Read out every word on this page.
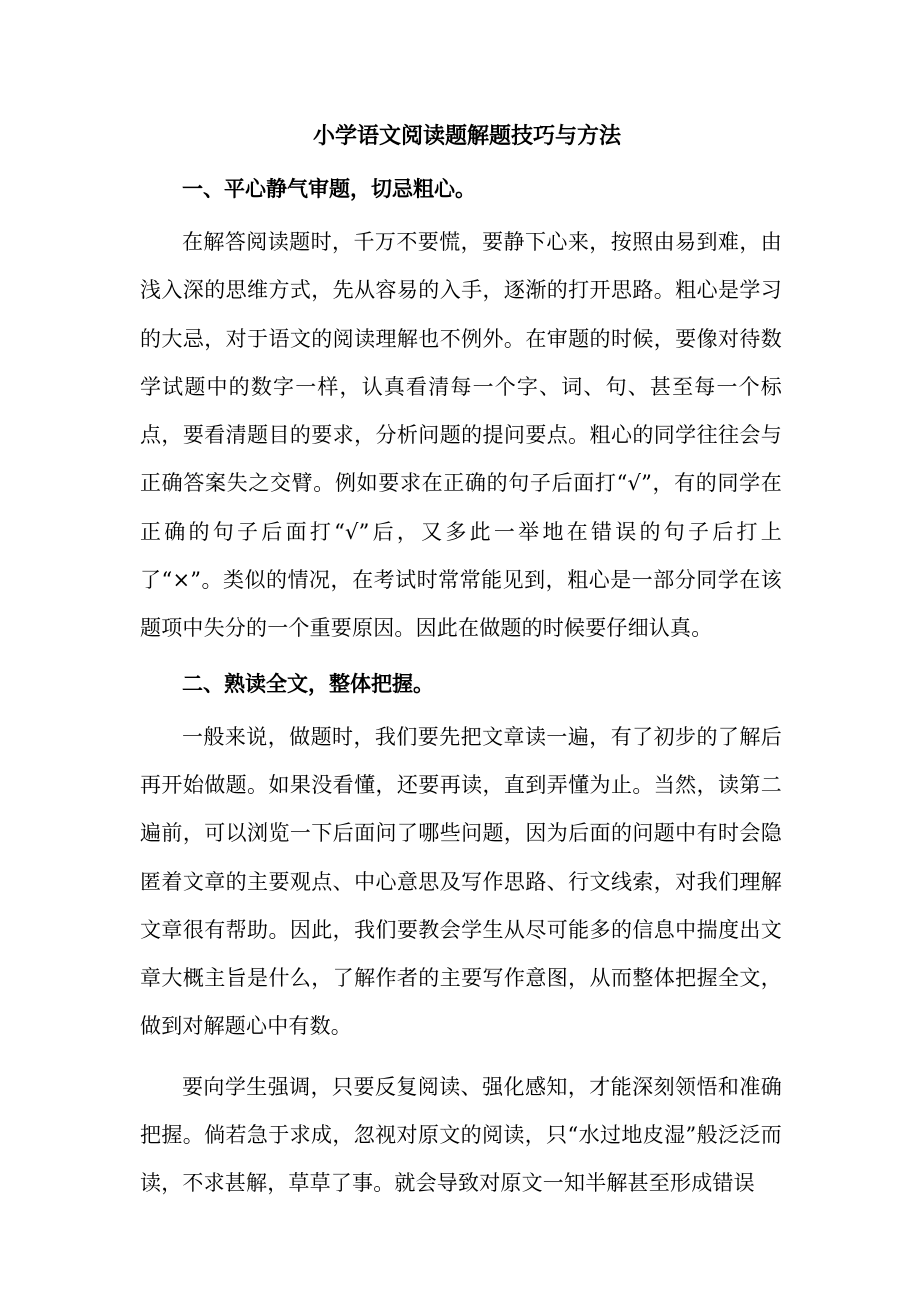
小学语文阅读题解题技巧与方法
一、平心静气审题，切忌粗心。

在解答阅读题时，千万不要慌，要静下心来，按照由易到难，由浅入深的思维方式，先从容易的入手，逐渐的打开思路。粗心是学习的大忌，对于语文的阅读理解也不例外。在审题的时候，要像对待数学试题中的数字一样，认真看清每一个字、词、句、甚至每一个标点，要看清题目的要求，分析问题的提问要点。粗心的同学往往会与正确答案失之交臂。例如要求在正确的句子后面打“√”，有的同学在正确的句子后面打“√”后，又多此一举地在错误的句子后打上了“×”。类似的情况，在考试时常常能见到，粗心是一部分同学在该题项中失分的一个重要原因。因此在做题的时候要仔细认真。

二、熟读全文，整体把握。

一般来说，做题时，我们要先把文章读一遍，有了初步的了解后再开始做题。如果没看懂，还要再读，直到弄懂为止。当然，读第二遍前，可以浏览一下后面问了哪些问题，因为后面的问题中有时会隐匿着文章的主要观点、中心意思及写作思路、行文线索，对我们理解文章很有帮助。因此，我们要教会学生从尽可能多的信息中揣度出文章大概主旨是什么，了解作者的主要写作意图，从而整体把握全文，做到对解题心中有数。

要向学生强调，只要反复阅读、强化感知，才能深刻领悟和准确把握。倘若急于求成，忽视对原文的阅读，只“水过地皮湿”般泛泛而读，不求甚解，草草了事。就会导致对原文一知半解甚至形成错误
